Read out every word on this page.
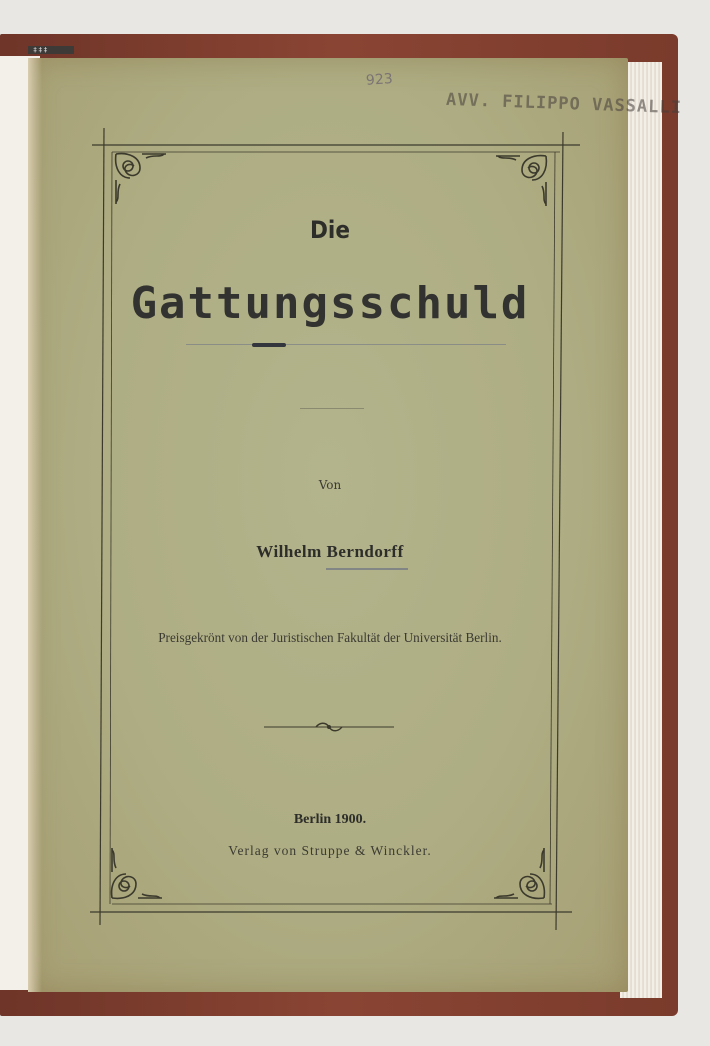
‡‡‡
923
AVV. FILIPPO VASSALLI
Die
Gattungsschuld
Von
Wilhelm Berndorff
Preisgekrönt von der Juristischen Fakultät der Universität Berlin.
Berlin 1900.
Verlag von Struppe & Winckler.
